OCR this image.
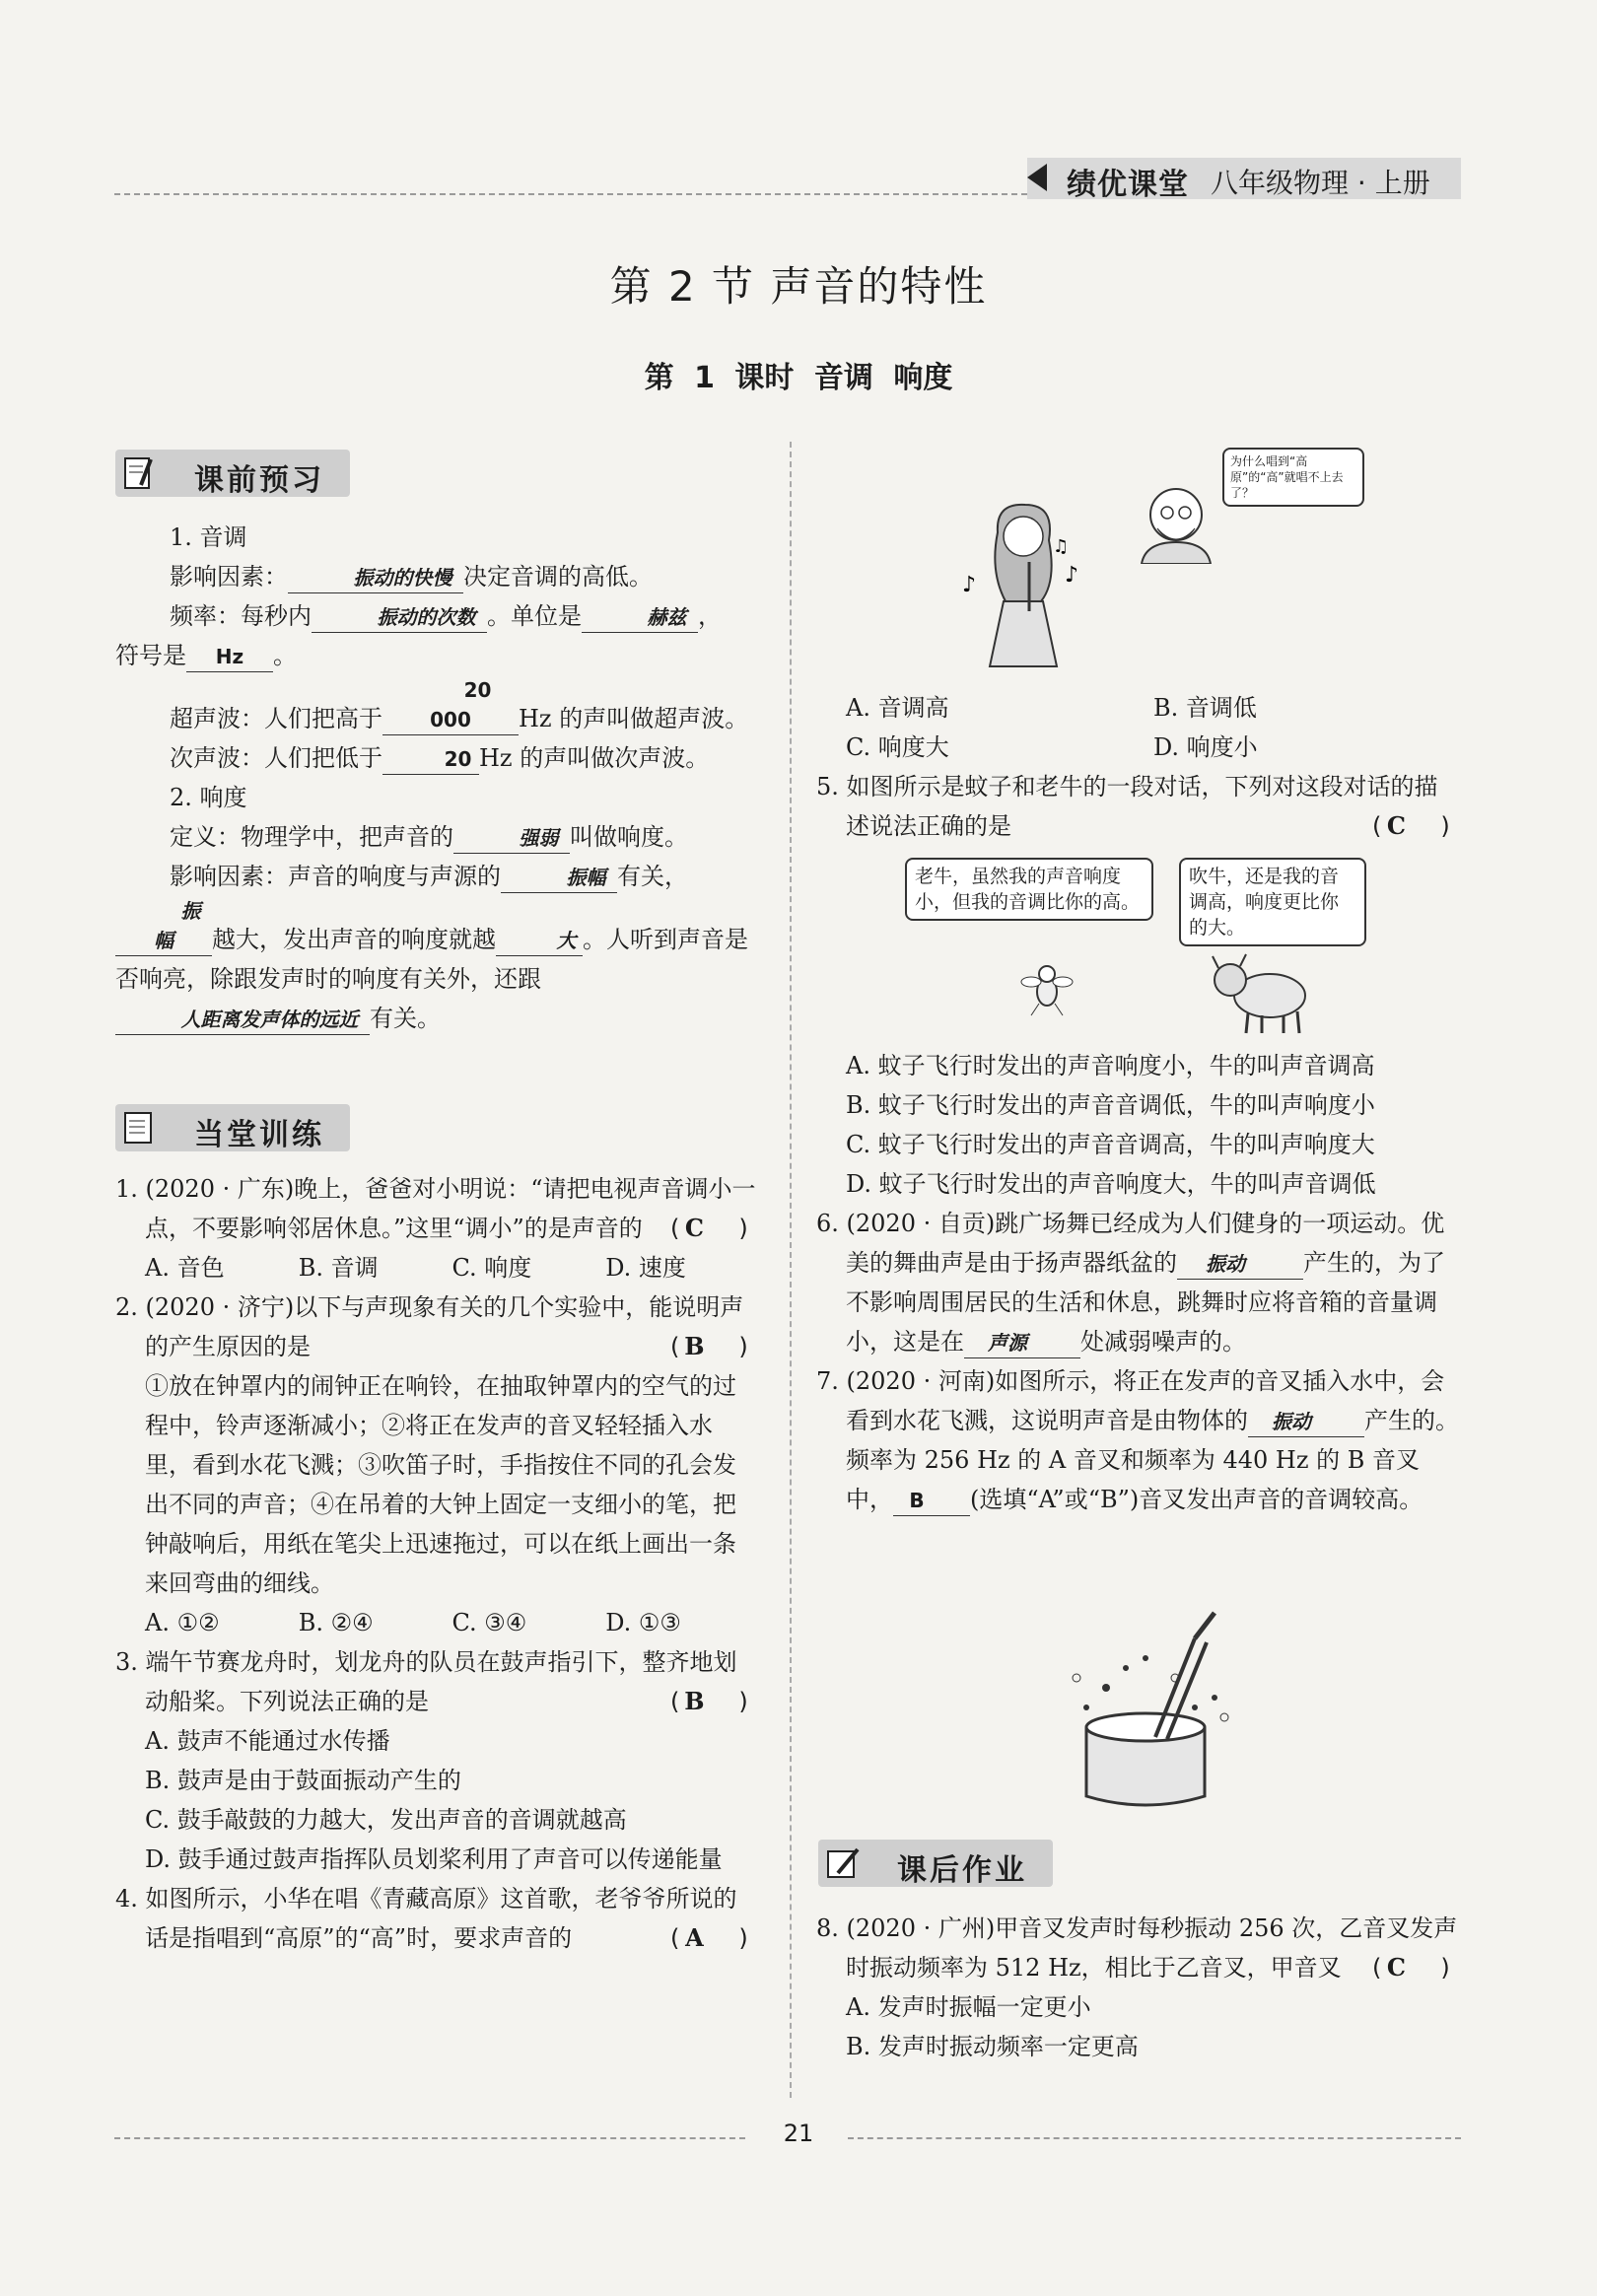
绩优课堂 八年级物理 · 上册
第 2 节 声音的特性
第 1 课时 音调 响度
课前预习

1. 音调

影响因素：	振动的快慢 决定音调的高低。

频率：每秒内	振动的次数 。单位是	赫兹 ，

符号是 Hz 。

超声波：人们把高于20 000 Hz 的声叫做超声波。

次声波：人们把低于	20 Hz 的声叫做次声波。

2. 响度

定义：物理学中，把声音的	强弱 叫做响度。

影响因素：声音的响度与声源的	振幅 有关，振幅 越大，发出声音的响度就越	大 。人听到声音是否响亮，除跟发声时的响度有关外，还跟人距离发声体的远近 有关。

当堂训练

1. (2020 · 广东)晚上，爸爸对小明说：“请把电视声音调小一点，不要影响邻居休息。”这里“调小”的是声音的 ( C )

A. 音色	B. 音调	C. 响度	D. 速度

2. (2020 · 济宁)以下与声现象有关的几个实验中，能说明声的产生原因的是	( B )

①放在钟罩内的闹钟正在响铃，在抽取钟罩内的空气的过程中，铃声逐渐减小；②将正在发声的音叉轻轻插入水里，看到水花飞溅；③吹笛子时，手指按住不同的孔会发出不同的声音；④在吊着的大钟上固定一支细小的笔，把钟敲响后，用纸在笔尖上迅速拖过，可以在纸上画出一条来回弯曲的细线。

A. ①②	B. ②④	C. ③④	D. ①③

3. 端午节赛龙舟时，划龙舟的队员在鼓声指引下，整齐地划动船桨。下列说法正确的是	( B )

A. 鼓声不能通过水传播

B. 鼓声是由于鼓面振动产生的

C. 鼓手敲鼓的力越大，发出声音的音调就越高

D. 鼓手通过鼓声指挥队员划桨利用了声音可以传递能量

4. 如图所示，小华在唱《青藏高原》这首歌，老爷爷所说的话是指唱到“高原”的“高”时，要求声音的	( A )

♪	♪
♫
为什么唱到“高原”的“高”就唱不上去了？

A. 音调高	B. 音调低

C. 响度大	D. 响度小

5. 如图所示是蚊子和老牛的一段对话，下列对这段对话的描述说法正确的是	( C )

老牛，虽然我的声音响度小，但我的音调比你的高。
吹牛，还是我的音调高，响度更比你的大。

A. 蚊子飞行时发出的声音响度小，牛的叫声音调高

B. 蚊子飞行时发出的声音音调低，牛的叫声响度小

C. 蚊子飞行时发出的声音音调高，牛的叫声响度大

D. 蚊子飞行时发出的声音响度大，牛的叫声音调低

6. (2020 · 自贡)跳广场舞已经成为人们健身的一项运动。优美的舞曲声是由于扬声器纸盆的 振动 产生的，为了不影响周围居民的生活和休息，跳舞时应将音箱的音量调小，这是在 声源 处减弱噪声的。

7. (2020 · 河南)如图所示，将正在发声的音叉插入水中，会看到水花飞溅，这说明声音是由物体的 振动 产生的。频率为 256 Hz 的 A 音叉和频率为 440 Hz 的 B 音叉中， B (选填“A”或“B”)音叉发出声音的音调较高。

课后作业

8. (2020 · 广州)甲音叉发声时每秒振动 256 次，乙音叉发声时振动频率为 512 Hz，相比于乙音叉，甲音叉 ( C )

A. 发声时振幅一定更小

B. 发声时振动频率一定更高

21
